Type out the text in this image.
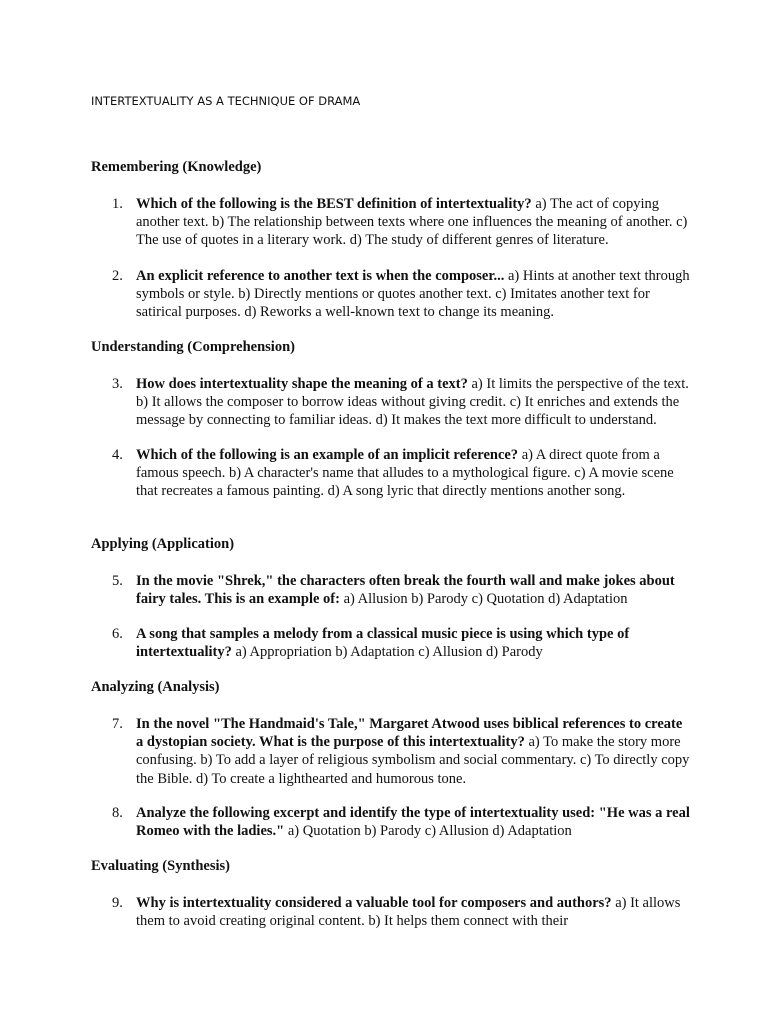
INTERTEXTUALITY AS A TECHNIQUE OF DRAMA
Remembering (Knowledge)
1. Which of the following is the BEST definition of intertextuality? a) The act of copying another text. b) The relationship between texts where one influences the meaning of another. c) The use of quotes in a literary work. d) The study of different genres of literature.
2. An explicit reference to another text is when the composer... a) Hints at another text through symbols or style. b) Directly mentions or quotes another text. c) Imitates another text for satirical purposes. d) Reworks a well-known text to change its meaning.
Understanding (Comprehension)
3. How does intertextuality shape the meaning of a text? a) It limits the perspective of the text. b) It allows the composer to borrow ideas without giving credit. c) It enriches and extends the message by connecting to familiar ideas. d) It makes the text more difficult to understand.
4. Which of the following is an example of an implicit reference? a) A direct quote from a famous speech. b) A character's name that alludes to a mythological figure. c) A movie scene that recreates a famous painting. d) A song lyric that directly mentions another song.
Applying (Application)
5. In the movie "Shrek," the characters often break the fourth wall and make jokes about fairy tales. This is an example of: a) Allusion b) Parody c) Quotation d) Adaptation
6. A song that samples a melody from a classical music piece is using which type of intertextuality? a) Appropriation b) Adaptation c) Allusion d) Parody
Analyzing (Analysis)
7. In the novel "The Handmaid's Tale," Margaret Atwood uses biblical references to create a dystopian society. What is the purpose of this intertextuality? a) To make the story more confusing. b) To add a layer of religious symbolism and social commentary. c) To directly copy the Bible. d) To create a lighthearted and humorous tone.
8. Analyze the following excerpt and identify the type of intertextuality used: "He was a real Romeo with the ladies." a) Quotation b) Parody c) Allusion d) Adaptation
Evaluating (Synthesis)
9. Why is intertextuality considered a valuable tool for composers and authors? a) It allows them to avoid creating original content. b) It helps them connect with their
